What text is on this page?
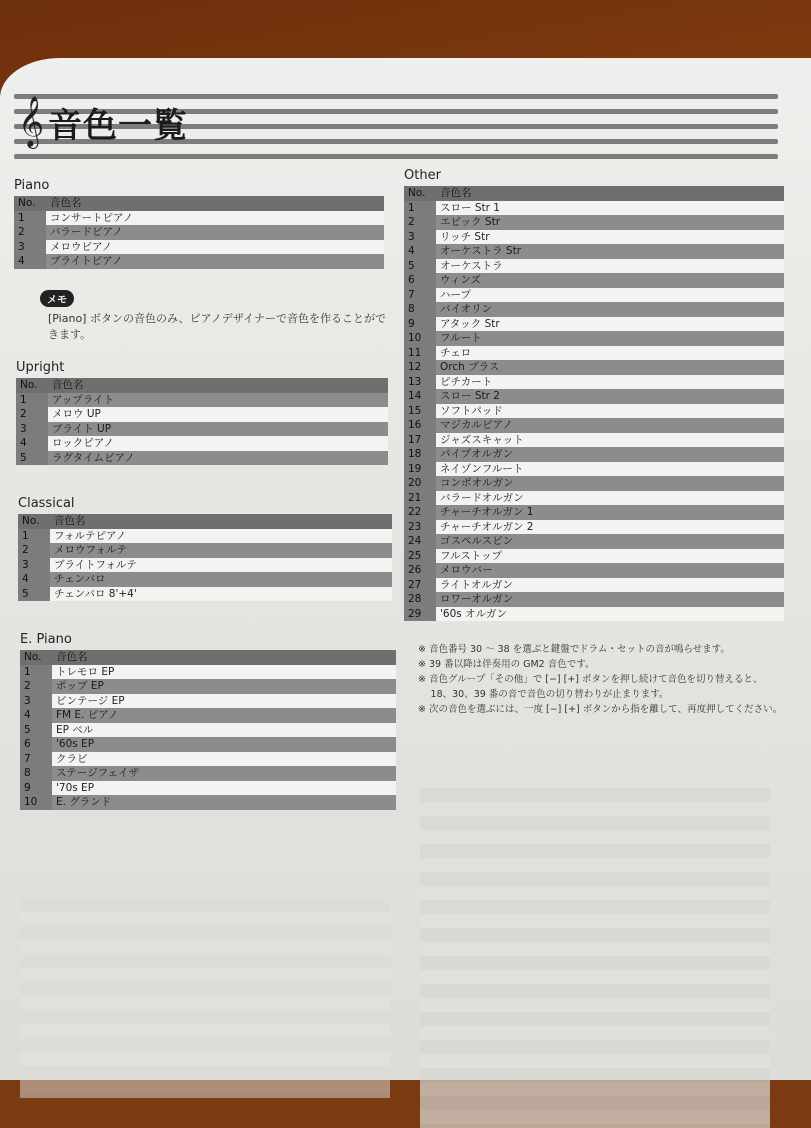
𝄞 音色一覧
Piano
No.	音色名
1	コンサートピアノ
2	バラードピアノ
3	メロウピアノ
4	ブライトピアノ
メモ
[Piano] ボタンの音色のみ、ピアノデザイナーで音色を作ることができます。
Upright
No.	音色名
1	アップライト
2	メロウ UP
3	ブライト UP
4	ロックピアノ
5	ラグタイムピアノ
Classical
No.	音色名
1	フォルテピアノ
2	メロウフォルテ
3	ブライトフォルテ
4	チェンバロ
5	チェンバロ 8'+4'
E. Piano
No.	音色名
1	トレモロ EP
2	ポップ EP
3	ビンテージ EP
4	FM E. ピアノ
5	EP ベル
6	'60s EP
7	クラビ
8	ステージフェイザ
9	'70s EP
10	E. グランド
Other
No.	音色名
1	スロー Str 1
2	エピック Str
3	リッチ Str
4	オーケストラ Str
5	オーケストラ
6	ウィンズ
7	ハープ
8	バイオリン
9	アタック Str
10	フルート
11	チェロ
12	Orch ブラス
13	ピチカート
14	スロー Str 2
15	ソフトパッド
16	マジカルピアノ
17	ジャズスキャット
18	パイプオルガン
19	ネイゾンフルート
20	コンボオルガン
21	バラードオルガン
22	チャーチオルガン 1
23	チャーチオルガン 2
24	ゴスペルスピン
25	フルストップ
26	メロウバー
27	ライトオルガン
28	ロワーオルガン
29	'60s オルガン
※ 音色番号 30 ～ 38 を選ぶと鍵盤でドラム・セットの音が鳴らせます。
※ 39 番以降は伴奏用の GM2 音色です。
※ 音色グループ「その他」で [−] [+] ボタンを押し続けて音色を切り替えると、
　 18、30、39 番の音で音色の切り替わりが止まります。
※ 次の音色を選ぶには、一度 [−] [+] ボタンから指を離して、再度押してください。
